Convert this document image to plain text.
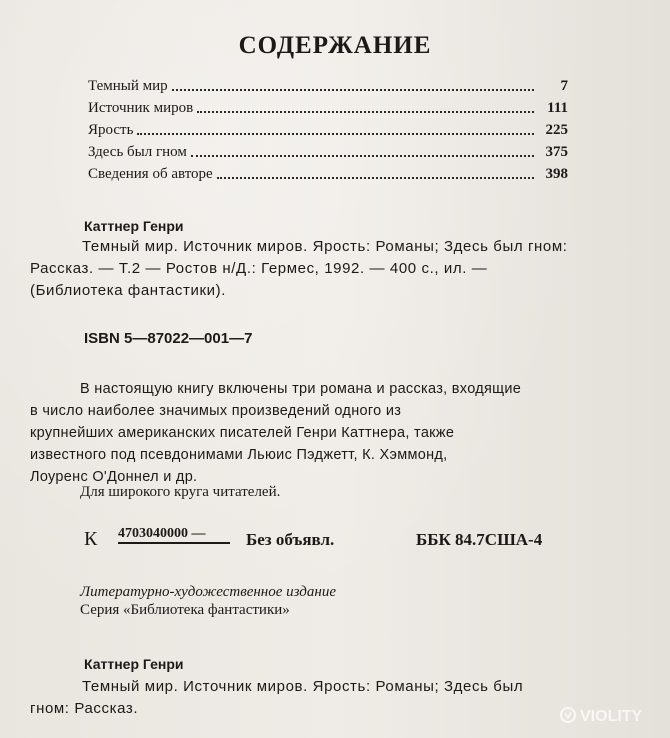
СОДЕРЖАНИЕ
Темный мир	7
Источник миров	111
Ярость	225
Здесь был гном	375
Сведения об авторе	398
Каттнер Генри
Темный мир. Источник миров. Ярость: Романы; Здесь был гном:
Рассказ. — Т.2 — Ростов н/Д.: Гермес, 1992. — 400 с., ил. —
(Библиотека фантастики).
ISBN 5—87022—001—7
В настоящую книгу включены три романа и рассказ, входящие
в число наиболее значимых произведений одного из
крупнейших американских писателей Генри Каттнера, также
известного под псевдонимами Льюис Пэджетт, К. Хэммонд,
Лоуренс О'Доннел и др.
Для широкого круга читателей.
К 4703040000 — Без объявл.	ББК 84.7США-4
Литературно-художественное издание
Серия «Библиотека фантастики»
Каттнер Генри
Темный мир. Источник миров. Ярость: Романы; Здесь был
гном: Рассказ.	VIOLITY
